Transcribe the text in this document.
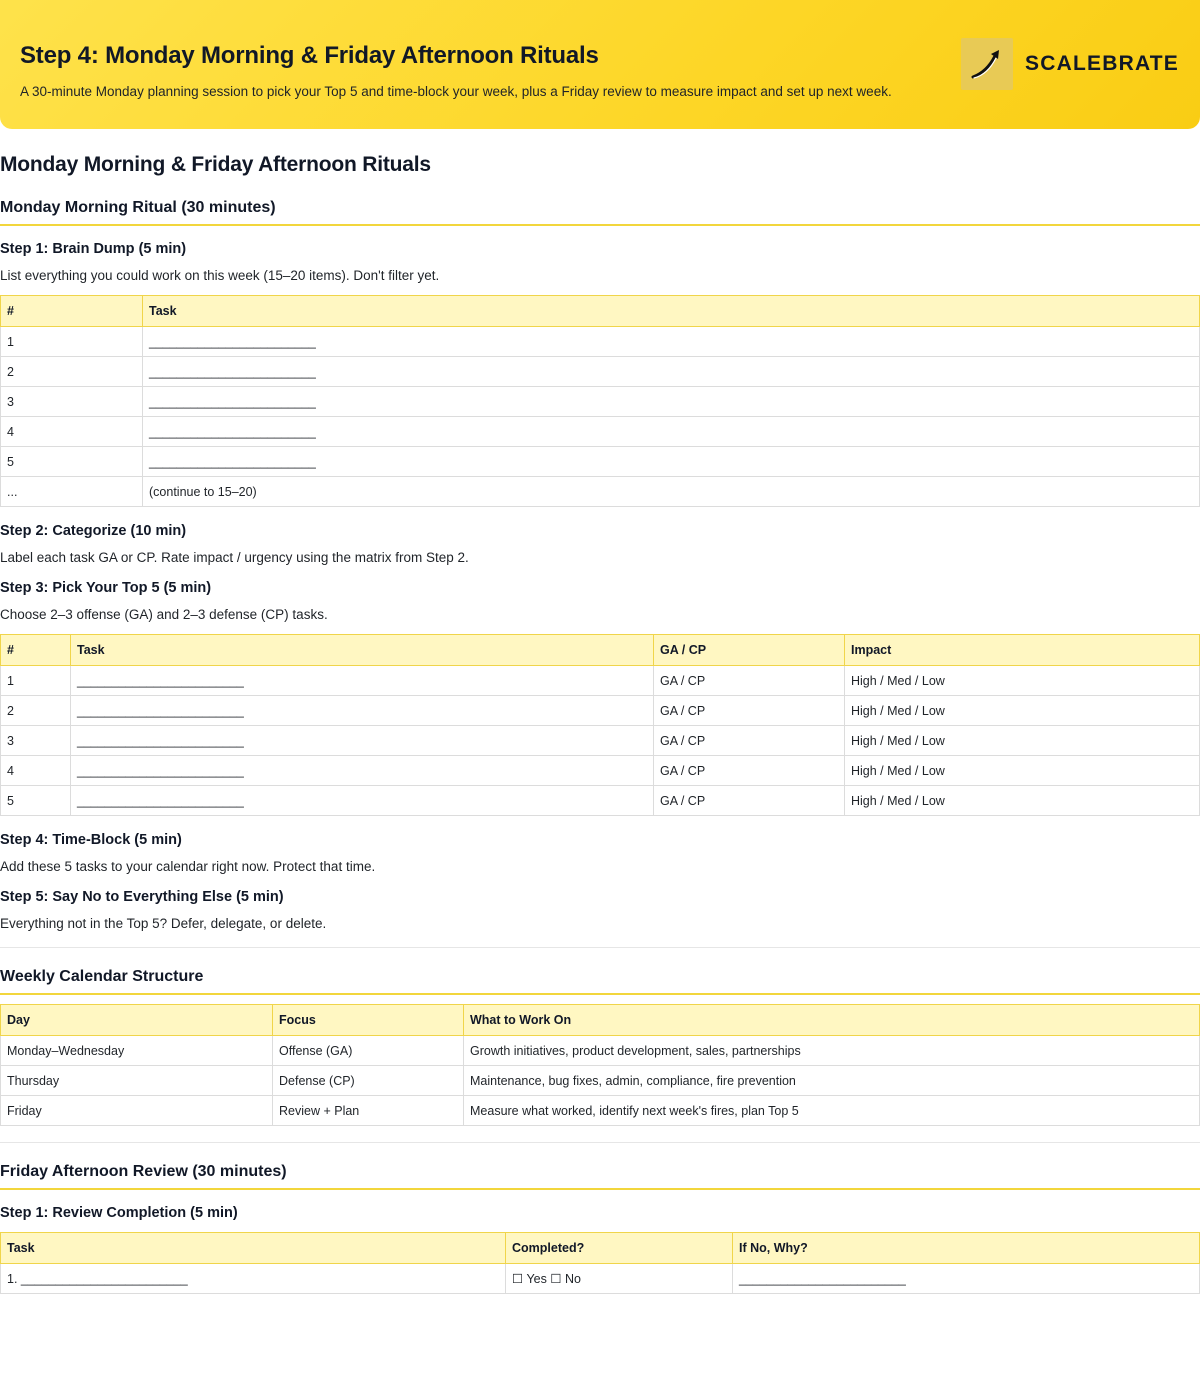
Step 4: Monday Morning & Friday Afternoon Rituals

A 30-minute Monday planning session to pick your Top 5 and time-block your week, plus a Friday review to measure impact and set up next week.

SCALEBRATE
Monday Morning & Friday Afternoon Rituals
Monday Morning Ritual (30 minutes)
Step 1: Brain Dump (5 min)
List everything you could work on this week (15–20 items). Don't filter yet.
#	Task
1	________________________
2	________________________
3	________________________
4	________________________
5	________________________
...	(continue to 15–20)
Step 2: Categorize (10 min)
Label each task GA or CP. Rate impact / urgency using the matrix from Step 2.
Step 3: Pick Your Top 5 (5 min)
Choose 2–3 offense (GA) and 2–3 defense (CP) tasks.
#	Task	GA / CP	Impact
1	________________________	GA / CP	High / Med / Low
2	________________________	GA / CP	High / Med / Low
3	________________________	GA / CP	High / Med / Low
4	________________________	GA / CP	High / Med / Low
5	________________________	GA / CP	High / Med / Low
Step 4: Time-Block (5 min)
Add these 5 tasks to your calendar right now. Protect that time.
Step 5: Say No to Everything Else (5 min)
Everything not in the Top 5? Defer, delegate, or delete.
Weekly Calendar Structure
Day	Focus	What to Work On
Monday–Wednesday	Offense (GA)	Growth initiatives, product development, sales, partnerships
Thursday	Defense (CP)	Maintenance, bug fixes, admin, compliance, fire prevention
Friday	Review + Plan	Measure what worked, identify next week's fires, plan Top 5
Friday Afternoon Review (30 minutes)
Step 1: Review Completion (5 min)
Task	Completed?	If No, Why?
1. ________________________	☐ Yes ☐ No	________________________
